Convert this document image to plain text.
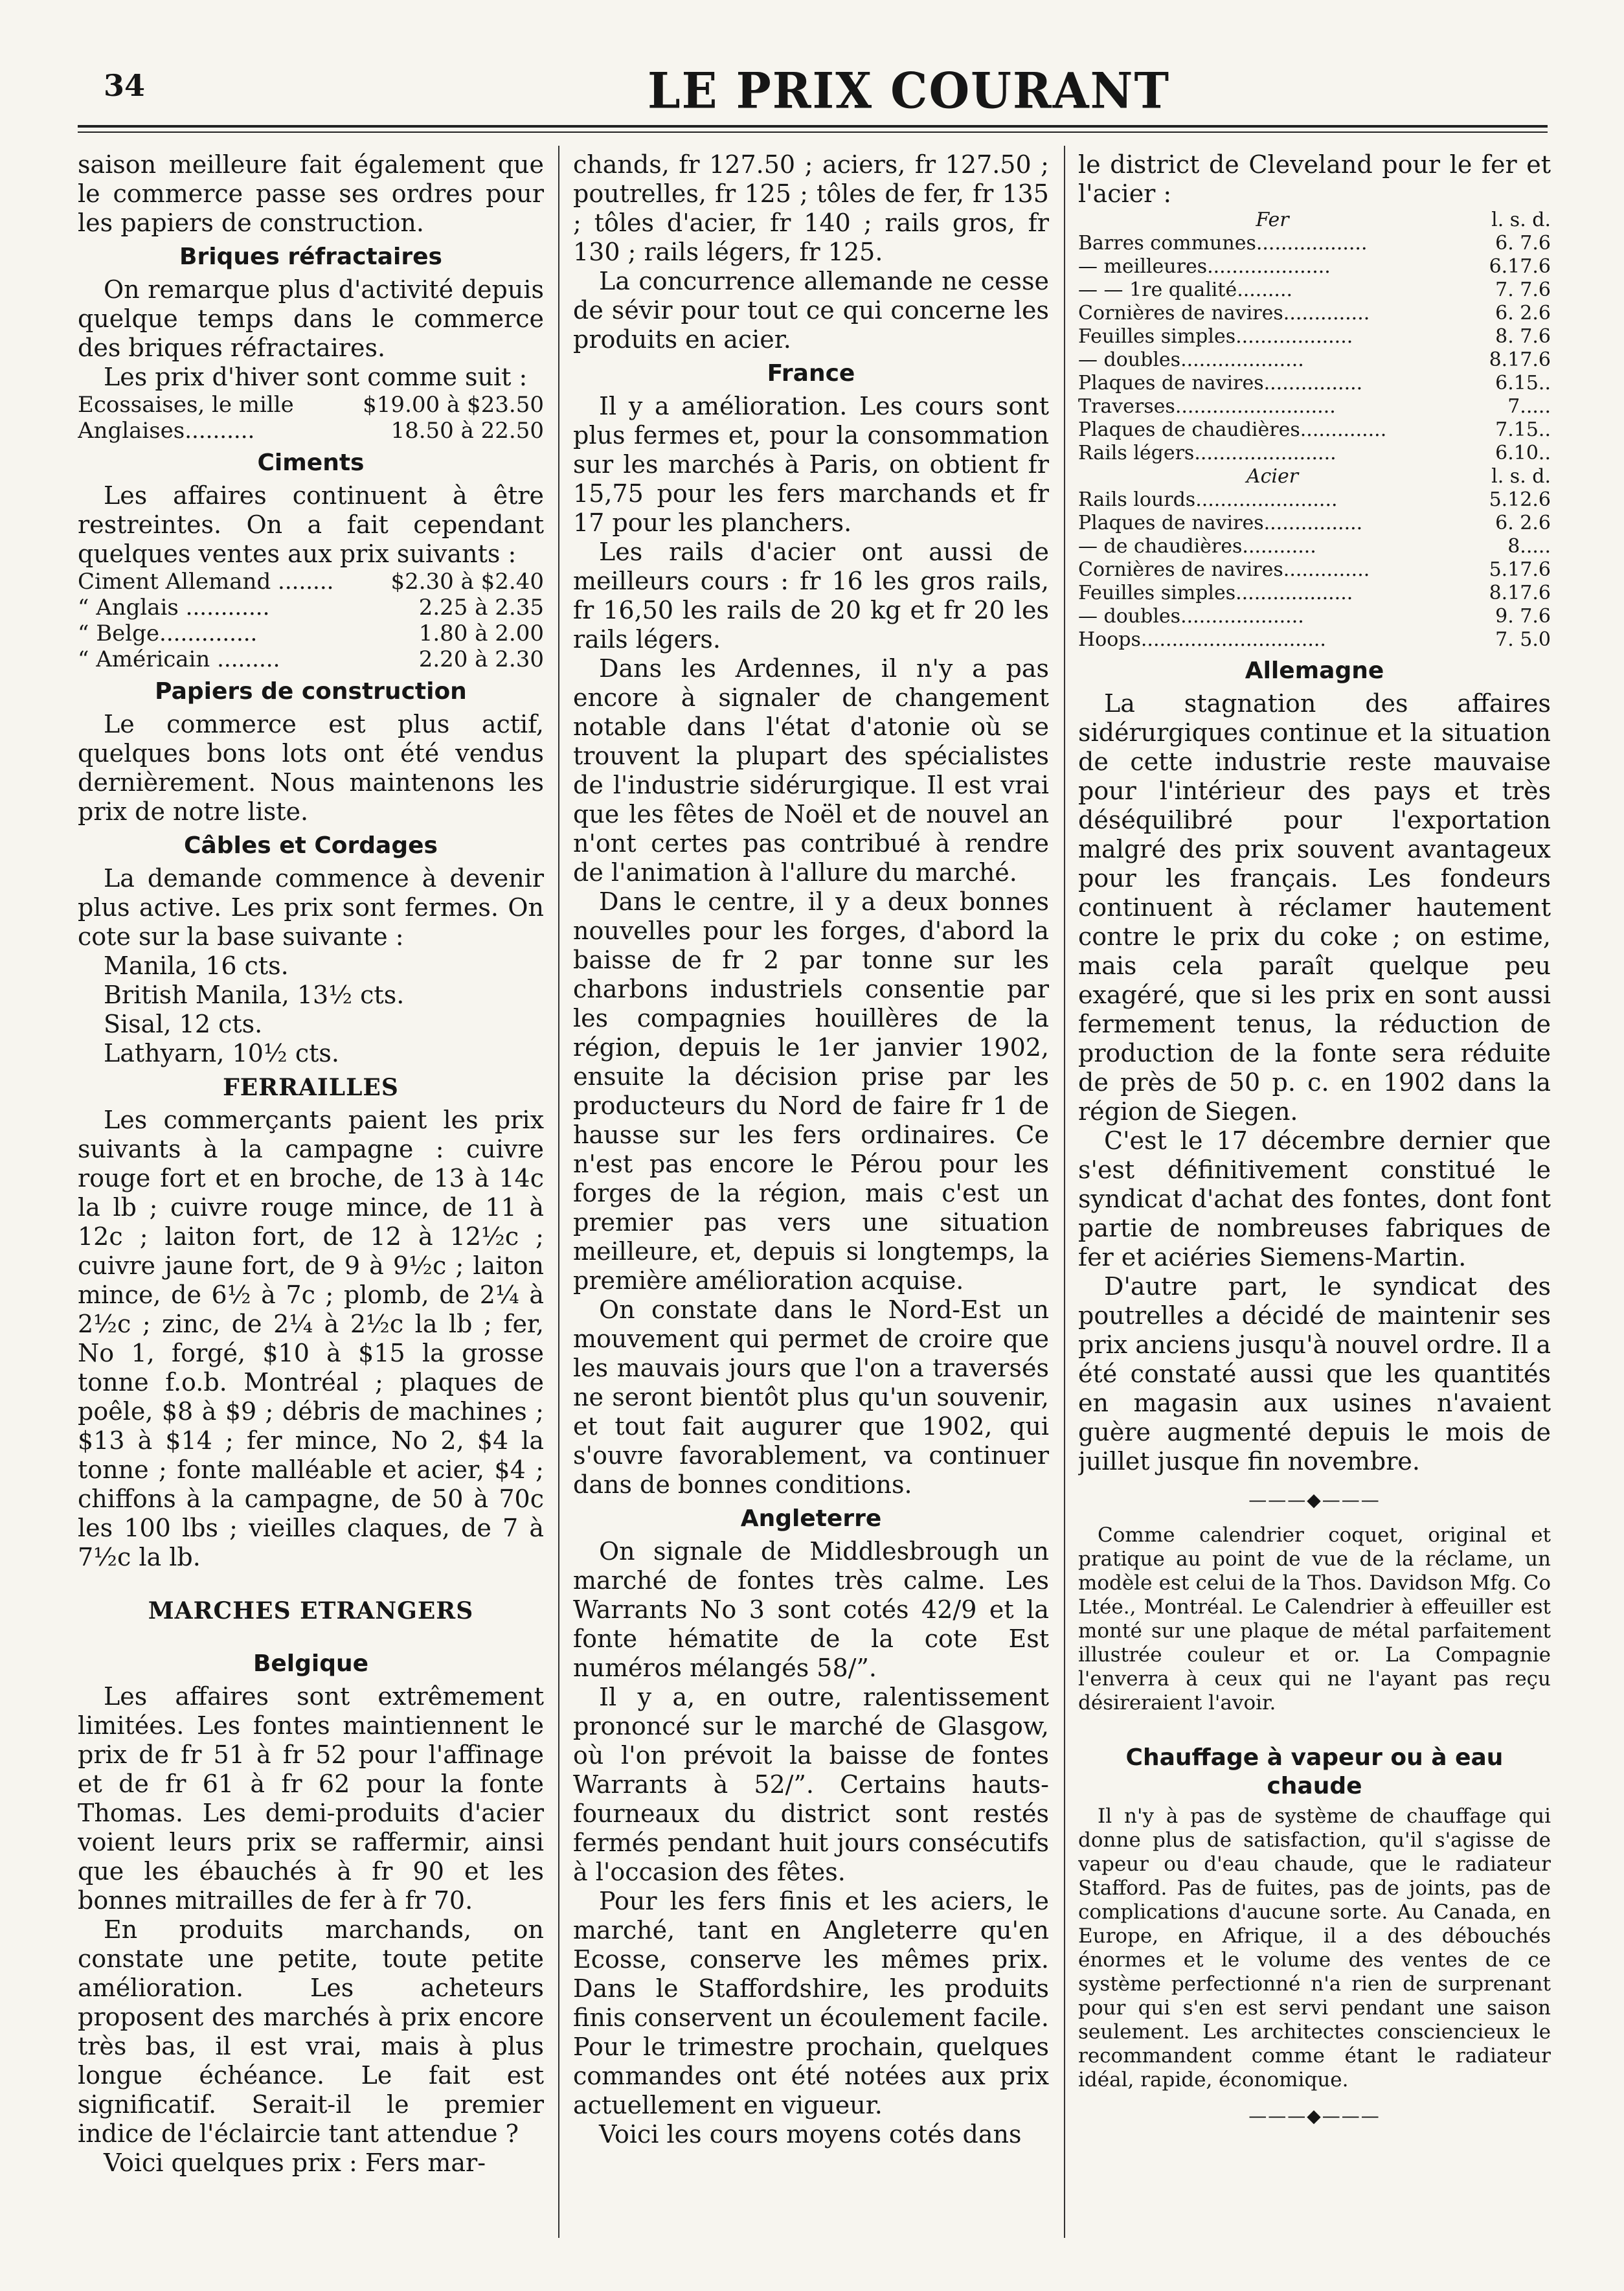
34	LE PRIX COURANT

saison meilleure fait également que le commerce passe ses ordres pour les papiers de construction.

Briques réfractaires

On remarque plus d'activité depuis quelque temps dans le commerce des briques réfractaires.

Les prix d'hiver sont comme suit :

Ecossaises, le mille	$19.00 à $23.50
Anglaises..........	18.50 à 22.50
Ciments

Les affaires continuent à être restreintes. On a fait cependant quelques ventes aux prix suivants :

Ciment Allemand ........	$2.30 à $2.40
“ Anglais ............	2.25 à 2.35
“ Belge..............	1.80 à 2.00
“ Américain .........	2.20 à 2.30
Papiers de construction

Le commerce est plus actif, quelques bons lots ont été vendus dernièrement. Nous maintenons les prix de notre liste.

Câbles et Cordages

La demande commence à devenir plus active. Les prix sont fermes. On cote sur la base suivante :

Manila, 16 cts.
British Manila, 13½ cts.
Sisal, 12 cts.
Lathyarn, 10½ cts.
FERRAILLES

Les commerçants paient les prix suivants à la campagne : cuivre rouge fort et en broche, de 13 à 14c la lb ; cuivre rouge mince, de 11 à 12c ; laiton fort, de 12 à 12½c ; cuivre jaune fort, de 9 à 9½c ; laiton mince, de 6½ à 7c ; plomb, de 2¼ à 2½c ; zinc, de 2¼ à 2½c la lb ; fer, No 1, forgé, $10 à $15 la grosse tonne f.o.b. Montréal ; plaques de poêle, $8 à $9 ; débris de machines ; $13 à $14 ; fer mince, No 2, $4 la tonne ; fonte malléable et acier, $4 ; chiffons à la campagne, de 50 à 70c les 100 lbs ; vieilles claques, de 7 à 7½c la lb.

MARCHES ETRANGERS
Belgique

Les affaires sont extrêmement limitées. Les fontes maintiennent le prix de fr 51 à fr 52 pour l'affinage et de fr 61 à fr 62 pour la fonte Thomas. Les demi-produits d'acier voient leurs prix se raffermir, ainsi que les ébauchés à fr 90 et les bonnes mitrailles de fer à fr 70.

En produits marchands, on constate une petite, toute petite amélioration. Les acheteurs proposent des marchés à prix encore très bas, il est vrai, mais à plus longue échéance. Le fait est significatif. Serait-il le premier indice de l'éclaircie tant attendue ?

Voici quelques prix : Fers mar-

chands, fr 127.50 ; aciers, fr 127.50 ; poutrelles, fr 125 ; tôles de fer, fr 135 ; tôles d'acier, fr 140 ; rails gros, fr 130 ; rails légers, fr 125.

La concurrence allemande ne cesse de sévir pour tout ce qui concerne les produits en acier.

France

Il y a amélioration. Les cours sont plus fermes et, pour la consommation sur les marchés à Paris, on obtient fr 15,75 pour les fers marchands et fr 17 pour les planchers.

Les rails d'acier ont aussi de meilleurs cours : fr 16 les gros rails, fr 16,50 les rails de 20 kg et fr 20 les rails légers.

Dans les Ardennes, il n'y a pas encore à signaler de changement notable dans l'état d'atonie où se trouvent la plupart des spécialistes de l'industrie sidérurgique. Il est vrai que les fêtes de Noël et de nouvel an n'ont certes pas contribué à rendre de l'animation à l'allure du marché.

Dans le centre, il y a deux bonnes nouvelles pour les forges, d'abord la baisse de fr 2 par tonne sur les charbons industriels consentie par les compagnies houillères de la région, depuis le 1er janvier 1902, ensuite la décision prise par les producteurs du Nord de faire fr 1 de hausse sur les fers ordinaires. Ce n'est pas encore le Pérou pour les forges de la région, mais c'est un premier pas vers une situation meilleure, et, depuis si longtemps, la première amélioration acquise.

On constate dans le Nord-Est un mouvement qui permet de croire que les mauvais jours que l'on a traversés ne seront bientôt plus qu'un souvenir, et tout fait augurer que 1902, qui s'ouvre favorablement, va continuer dans de bonnes conditions.

Angleterre

On signale de Middlesbrough un marché de fontes très calme. Les Warrants No 3 sont cotés 42/9 et la fonte hématite de la cote Est numéros mélangés 58/”.

Il y a, en outre, ralentissement prononcé sur le marché de Glasgow, où l'on prévoit la baisse de fontes Warrants à 52/”. Certains hauts-fourneaux du district sont restés fermés pendant huit jours consécutifs à l'occasion des fêtes.

Pour les fers finis et les aciers, le marché, tant en Angleterre qu'en Ecosse, conserve les mêmes prix. Dans le Staffordshire, les produits finis conservent un écoulement facile. Pour le trimestre prochain, quelques commandes ont été notées aux prix actuellement en vigueur.

Voici les cours moyens cotés dans

le district de Cleveland pour le fer et l'acier :

Fer	l. s. d.
Barres communes..................	6. 7.6
— meilleures....................	6.17.6
— — 1re qualité.........	7. 7.6
Cornières de navires..............	6. 2.6
Feuilles simples...................	8. 7.6
— doubles....................	8.17.6
Plaques de navires................	6.15..
Traverses..........................	7.....
Plaques de chaudières..............	7.15..
Rails légers.......................	6.10..
Acier	l. s. d.
Rails lourds.......................	5.12.6
Plaques de navires................	6. 2.6
— de chaudières............	8.....
Cornières de navires..............	5.17.6
Feuilles simples...................	8.17.6
— doubles....................	9. 7.6
Hoops..............................	7. 5.0
Allemagne

La stagnation des affaires sidérurgiques continue et la situation de cette industrie reste mauvaise pour l'intérieur des pays et très déséquilibré pour l'exportation malgré des prix souvent avantageux pour les français. Les fondeurs continuent à réclamer hautement contre le prix du coke ; on estime, mais cela paraît quelque peu exagéré, que si les prix en sont aussi fermement tenus, la réduction de production de la fonte sera réduite de près de 50 p. c. en 1902 dans la région de Siegen.

C'est le 17 décembre dernier que s'est définitivement constitué le syndicat d'achat des fontes, dont font partie de nombreuses fabriques de fer et aciéries Siemens-Martin.

D'autre part, le syndicat des poutrelles a décidé de maintenir ses prix anciens jusqu'à nouvel ordre. Il a été constaté aussi que les quantités en magasin aux usines n'avaient guère augmenté depuis le mois de juillet jusque fin novembre.

———◆———

Comme calendrier coquet, original et pratique au point de vue de la réclame, un modèle est celui de la Thos. Davidson Mfg. Co Ltée., Montréal. Le Calendrier à effeuiller est monté sur une plaque de métal parfaitement illustrée couleur et or. La Compagnie l'enverra à ceux qui ne l'ayant pas reçu désireraient l'avoir.

Chauffage à vapeur ou à eau chaude

Il n'y à pas de système de chauffage qui donne plus de satisfaction, qu'il s'agisse de vapeur ou d'eau chaude, que le radiateur Stafford. Pas de fuites, pas de joints, pas de complications d'aucune sorte. Au Canada, en Europe, en Afrique, il a des débouchés énormes et le volume des ventes de ce système perfectionné n'a rien de surprenant pour qui s'en est servi pendant une saison seulement. Les architectes consciencieux le recommandent comme étant le radiateur idéal, rapide, économique.

———◆———
